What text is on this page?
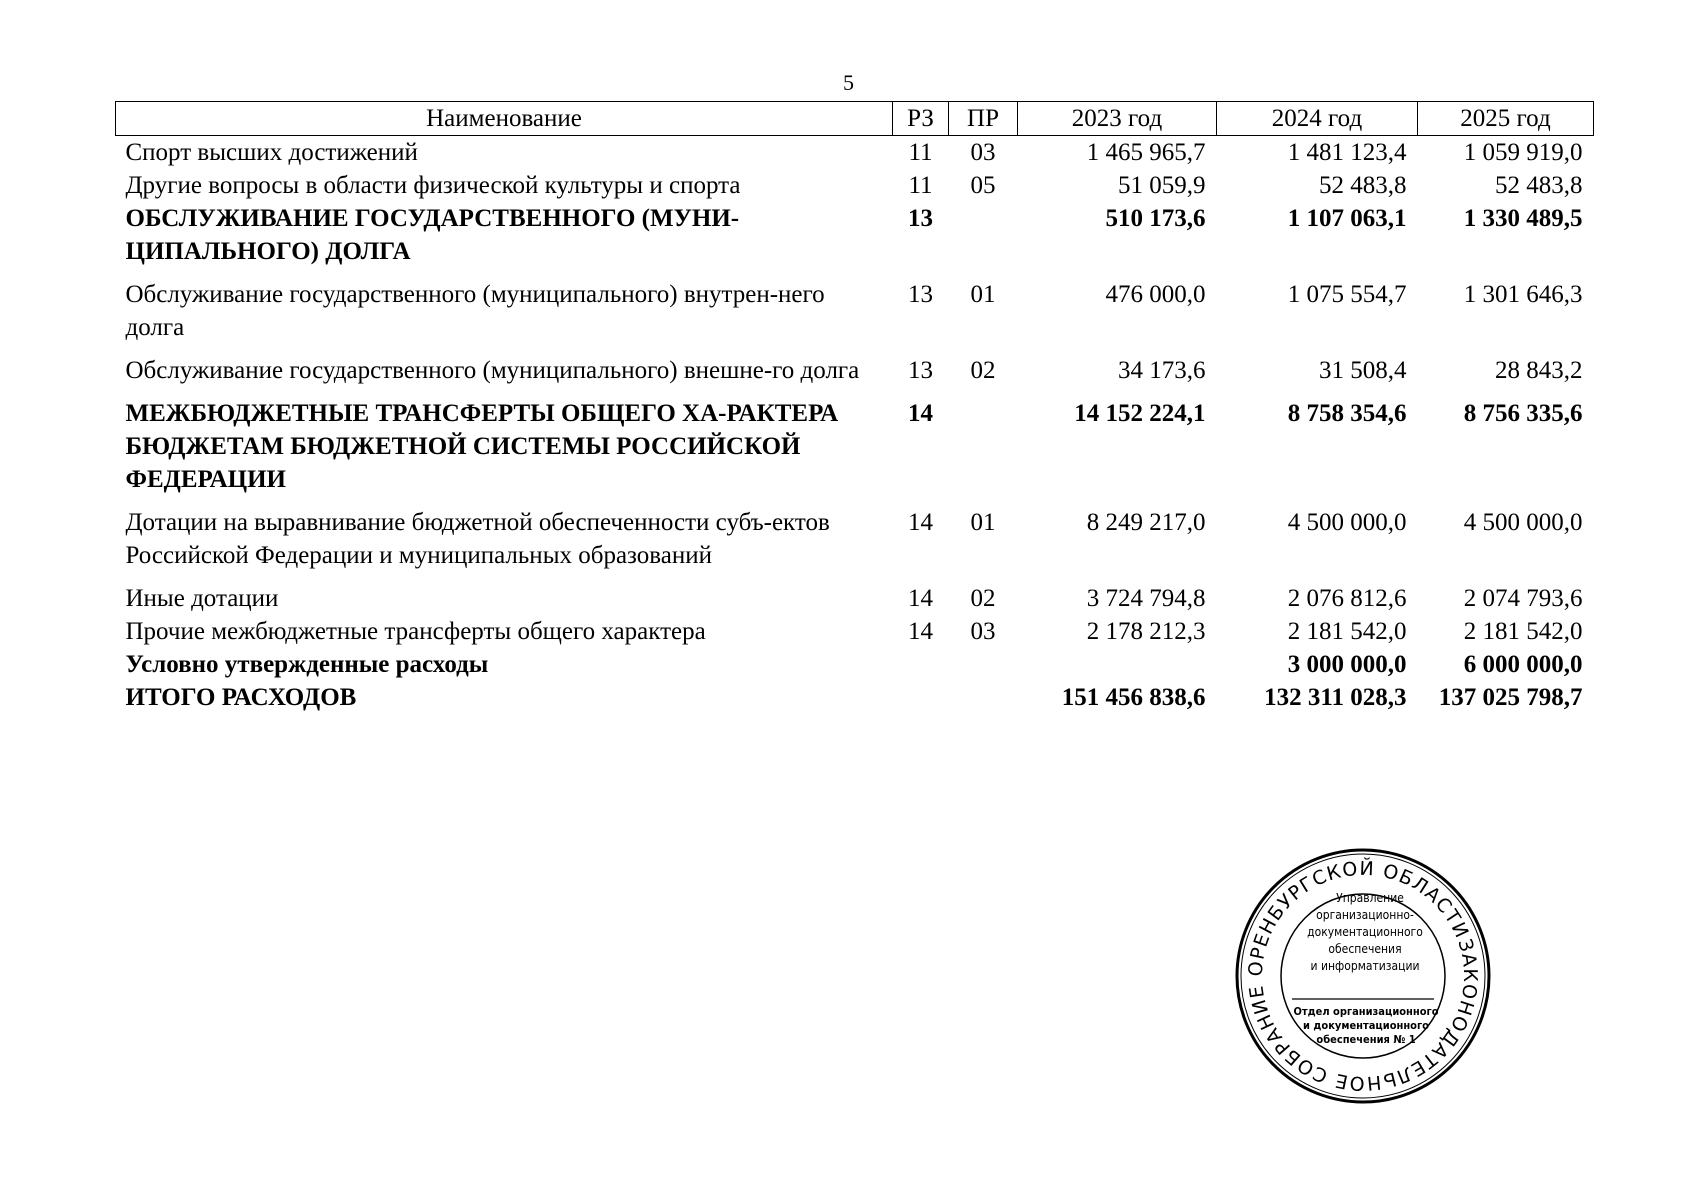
5
Наименование	РЗ	ПР	2023 год	2024 год	2025 год
Спорт высших достижений	11	03	1 465 965,7	1 481 123,4	1 059 919,0
Другие вопросы в области физической культуры и спорта	11	05	51 059,9	52 483,8	52 483,8
ОБСЛУЖИВАНИЕ ГОСУДАРСТВЕННОГО (МУНИ-ЦИПАЛЬНОГО) ДОЛГА	13		510 173,6	1 107 063,1	1 330 489,5
Обслуживание государственного (муниципального) внутрен-него долга	13	01	476 000,0	1 075 554,7	1 301 646,3
Обслуживание государственного (муниципального) внешне-го долга	13	02	34 173,6	31 508,4	28 843,2
МЕЖБЮДЖЕТНЫЕ ТРАНСФЕРТЫ ОБЩЕГО ХА-РАКТЕРА БЮДЖЕТАМ БЮДЖЕТНОЙ СИСТЕМЫ РОССИЙСКОЙ ФЕДЕРАЦИИ	14		14 152 224,1	8 758 354,6	8 756 335,6
Дотации на выравнивание бюджетной обеспеченности субъ-ектов Российской Федерации и муниципальных образований	14	01	8 249 217,0	4 500 000,0	4 500 000,0
Иные дотации	14	02	3 724 794,8	2 076 812,6	2 074 793,6
Прочие межбюджетные трансферты общего характера	14	03	2 178 212,3	2 181 542,0	2 181 542,0
Условно утвержденные расходы				3 000 000,0	6 000 000,0
ИТОГО РАСХОДОВ			151 456 838,6	132 311 028,3	137 025 798,7
ЗАКОНОДАТЕЛЬНОЕ СОБРАНИЕ ОРЕНБУРГСКОЙ ОБЛАСТИ
Управление
организационно-
документационного
обеспечения
и информатизации
Отдел организационного
и документационного
обеспечения № 1
